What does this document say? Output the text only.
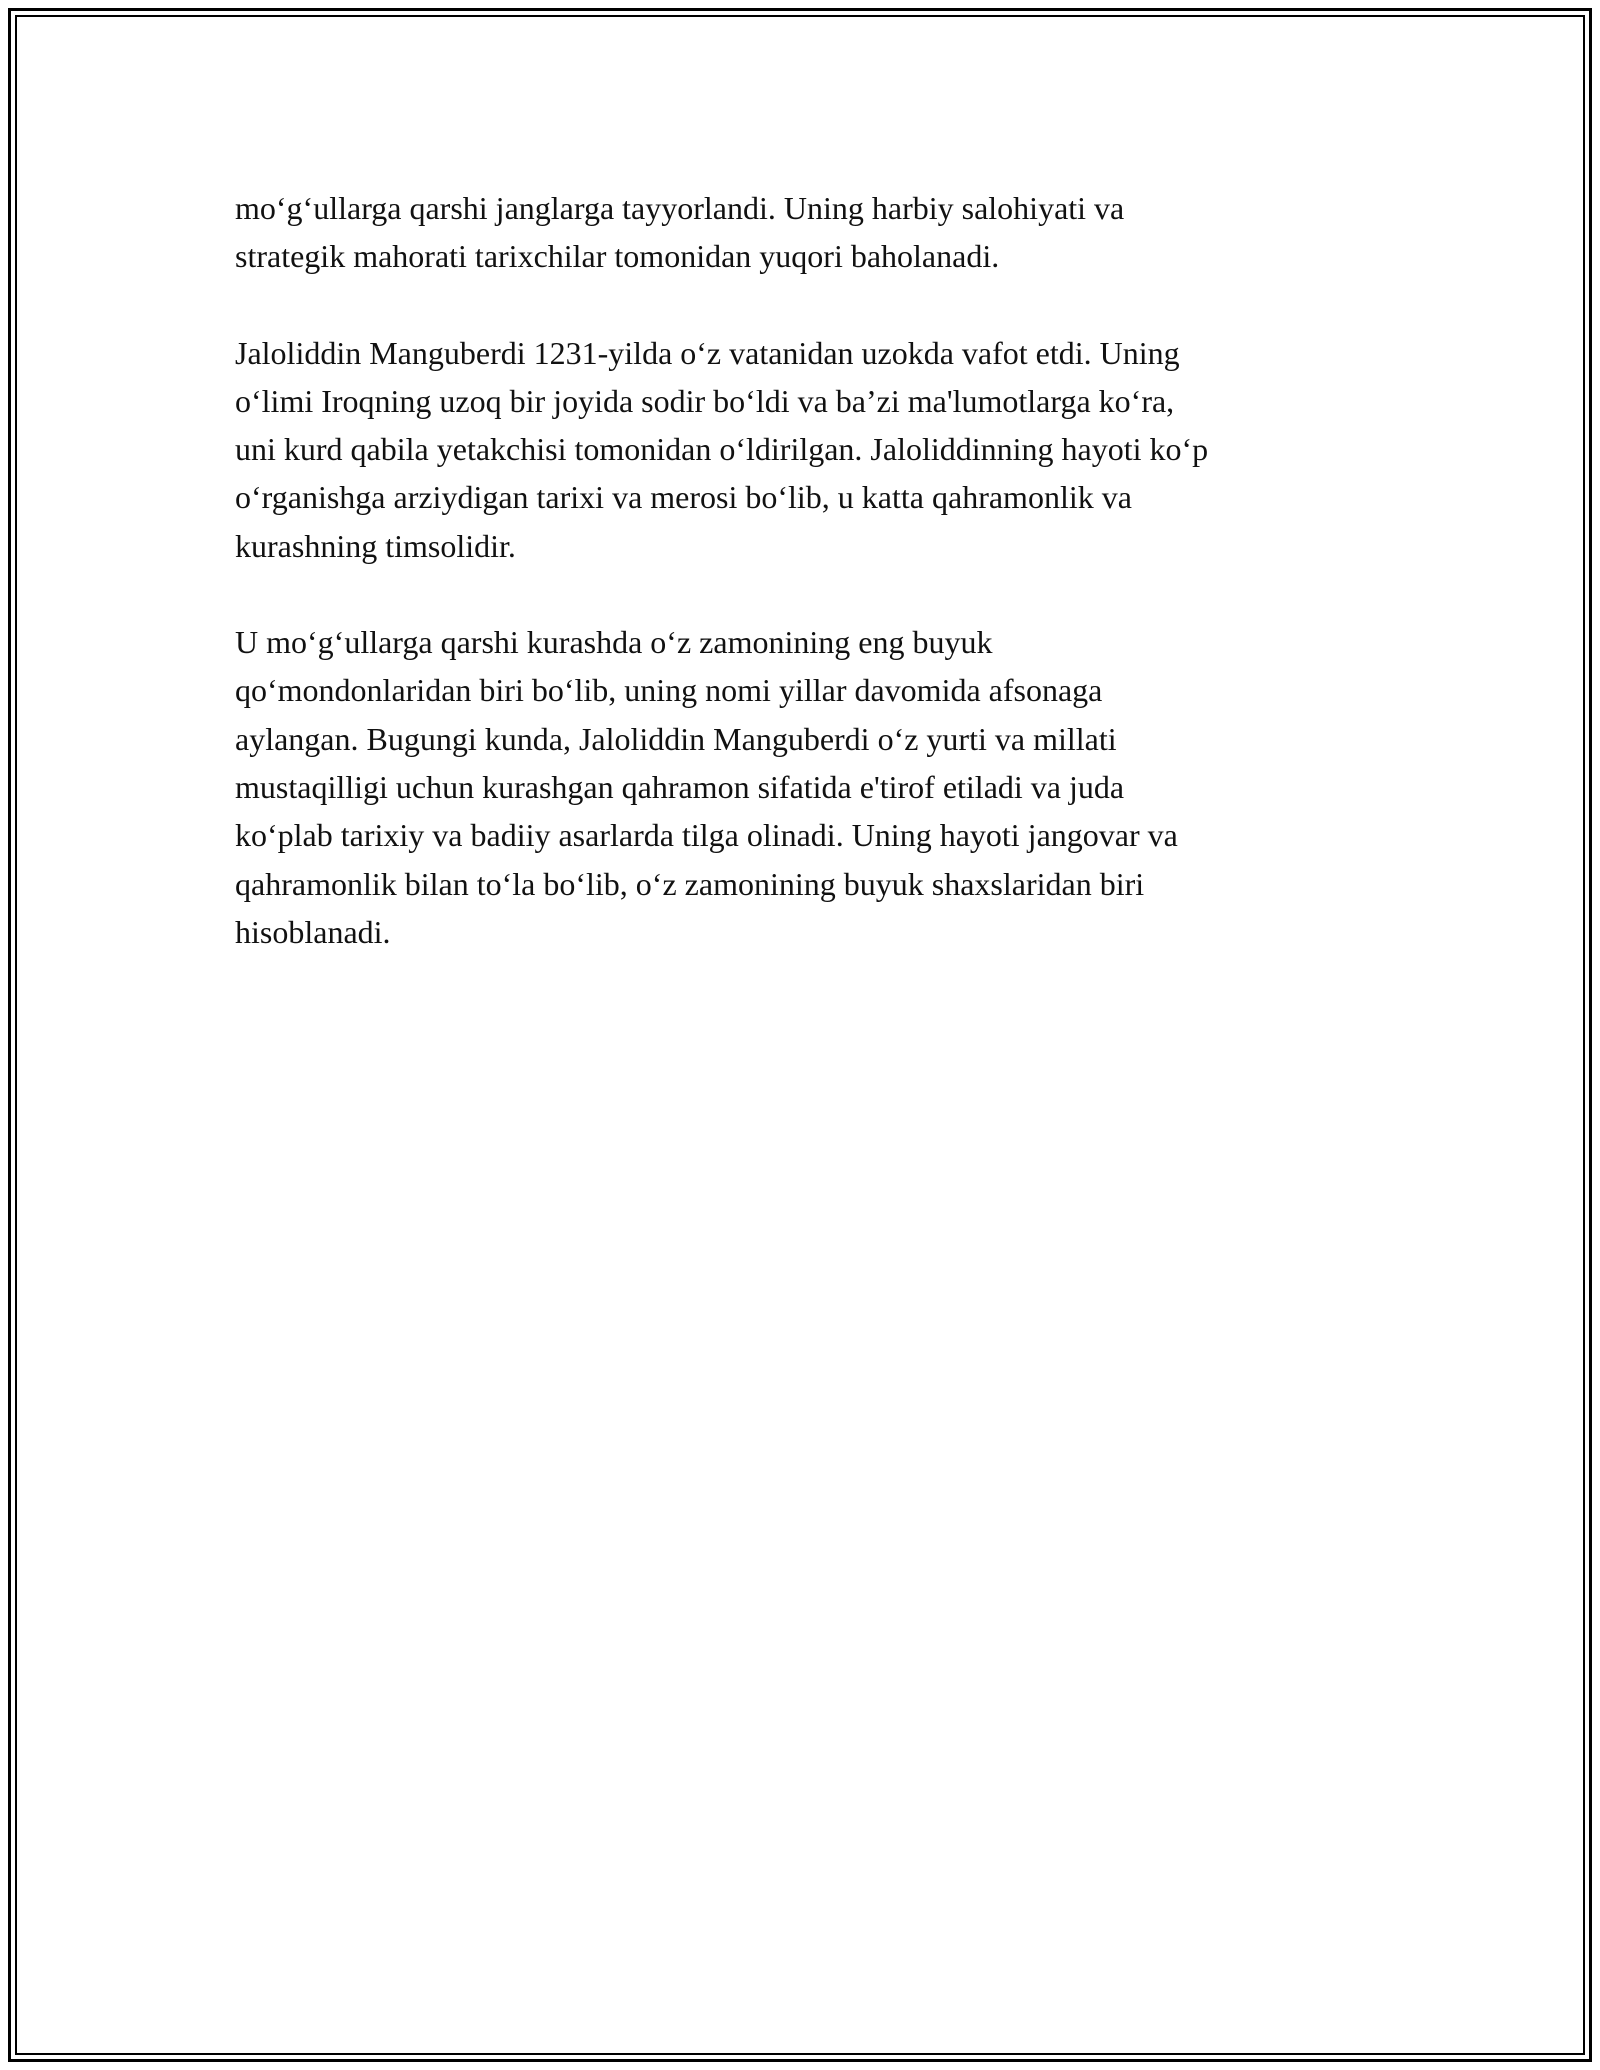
mo‘g‘ullarga qarshi janglarga tayyorlandi. Uning harbiy salohiyati va
strategik mahorati tarixchilar tomonidan yuqori baholanadi.

Jaloliddin Manguberdi 1231-yilda o‘z vatanidan uzokda vafot etdi. Uning
o‘limi Iroqning uzoq bir joyida sodir bo‘ldi va ba’zi ma'lumotlarga ko‘ra,
uni kurd qabila yetakchisi tomonidan o‘ldirilgan. Jaloliddinning hayoti ko‘p
o‘rganishga arziydigan tarixi va merosi bo‘lib, u katta qahramonlik va
kurashning timsolidir.

U mo‘g‘ullarga qarshi kurashda o‘z zamonining eng buyuk
qo‘mondonlaridan biri bo‘lib, uning nomi yillar davomida afsonaga
aylangan. Bugungi kunda, Jaloliddin Manguberdi o‘z yurti va millati
mustaqilligi uchun kurashgan qahramon sifatida e'tirof etiladi va juda
ko‘plab tarixiy va badiiy asarlarda tilga olinadi. Uning hayoti jangovar va
qahramonlik bilan to‘la bo‘lib, o‘z zamonining buyuk shaxslaridan biri
hisoblanadi.
